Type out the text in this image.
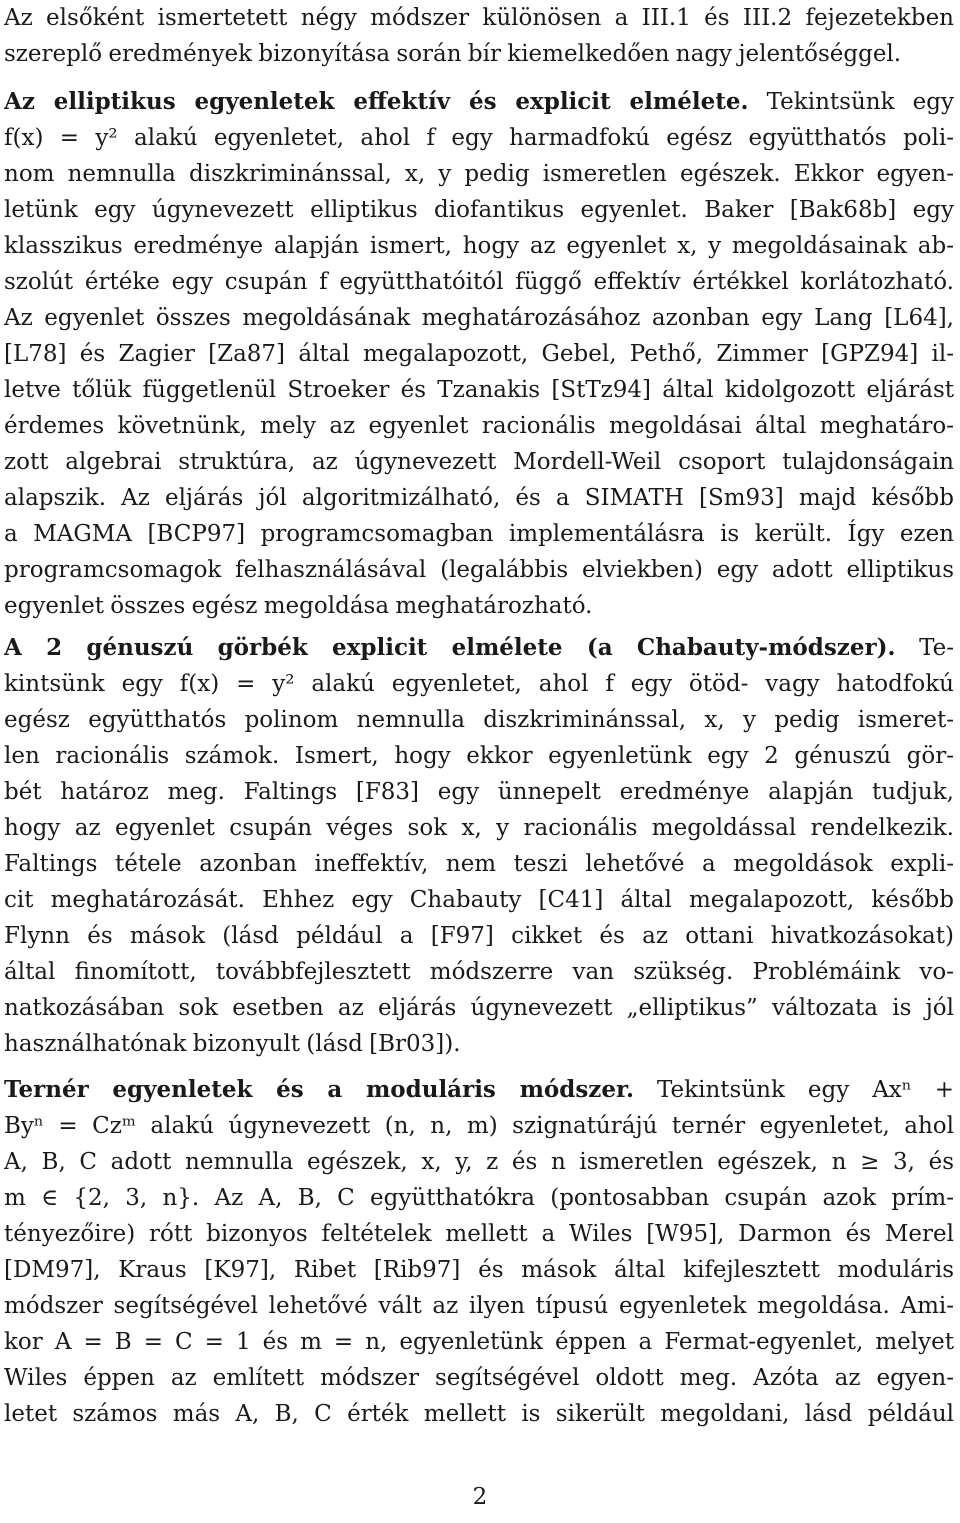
Az elsőként ismertetett négy módszer különösen a III.1 és III.2 fejezetekben
szereplő eredmények bizonyítása során bír kiemelkedően nagy jelentőséggel.
Az elliptikus egyenletek effektív és explicit elmélete. Tekintsünk egy
f(x) = y² alakú egyenletet, ahol f egy harmadfokú egész együtthatós poli-
nom nemnulla diszkriminánssal, x, y pedig ismeretlen egészek. Ekkor egyen-
letünk egy úgynevezett elliptikus diofantikus egyenlet. Baker [Bak68b] egy
klasszikus eredménye alapján ismert, hogy az egyenlet x, y megoldásainak ab-
szolút értéke egy csupán f együtthatóitól függő effektív értékkel korlátozható.
Az egyenlet összes megoldásának meghatározásához azonban egy Lang [L64],
[L78] és Zagier [Za87] által megalapozott, Gebel, Pethő, Zimmer [GPZ94] il-
letve tőlük függetlenül Stroeker és Tzanakis [StTz94] által kidolgozott eljárást
érdemes követnünk, mely az egyenlet racionális megoldásai által meghatáro-
zott algebrai struktúra, az úgynevezett Mordell-Weil csoport tulajdonságain
alapszik. Az eljárás jól algoritmizálható, és a SIMATH [Sm93] majd később
a MAGMA [BCP97] programcsomagban implementálásra is került. Így ezen
programcsomagok felhasználásával (legalábbis elviekben) egy adott elliptikus
egyenlet összes egész megoldása meghatározható.
A 2 génuszú görbék explicit elmélete (a Chabauty-módszer). Te-
kintsünk egy f(x) = y² alakú egyenletet, ahol f egy ötöd- vagy hatodfokú
egész együtthatós polinom nemnulla diszkriminánssal, x, y pedig ismeret-
len racionális számok. Ismert, hogy ekkor egyenletünk egy 2 génuszú gör-
bét határoz meg. Faltings [F83] egy ünnepelt eredménye alapján tudjuk,
hogy az egyenlet csupán véges sok x, y racionális megoldással rendelkezik.
Faltings tétele azonban ineffektív, nem teszi lehetővé a megoldások expli-
cit meghatározását. Ehhez egy Chabauty [C41] által megalapozott, később
Flynn és mások (lásd például a [F97] cikket és az ottani hivatkozásokat)
által finomított, továbbfejlesztett módszerre van szükség. Problémáink vo-
natkozásában sok esetben az eljárás úgynevezett „elliptikus” változata is jól
használhatónak bizonyult (lásd [Br03]).
Ternér egyenletek és a moduláris módszer. Tekintsünk egy Axⁿ +
Byⁿ = Czᵐ alakú úgynevezett (n, n, m) szignatúrájú ternér egyenletet, ahol
A, B, C adott nemnulla egészek, x, y, z és n ismeretlen egészek, n ≥ 3, és
m ∈ {2, 3, n}. Az A, B, C együtthatókra (pontosabban csupán azok prím-
tényezőire) rótt bizonyos feltételek mellett a Wiles [W95], Darmon és Merel
[DM97], Kraus [K97], Ribet [Rib97] és mások által kifejlesztett moduláris
módszer segítségével lehetővé vált az ilyen típusú egyenletek megoldása. Ami-
kor A = B = C = 1 és m = n, egyenletünk éppen a Fermat-egyenlet, melyet
Wiles éppen az említett módszer segítségével oldott meg. Azóta az egyen-
letet számos más A, B, C érték mellett is sikerült megoldani, lásd például
2
